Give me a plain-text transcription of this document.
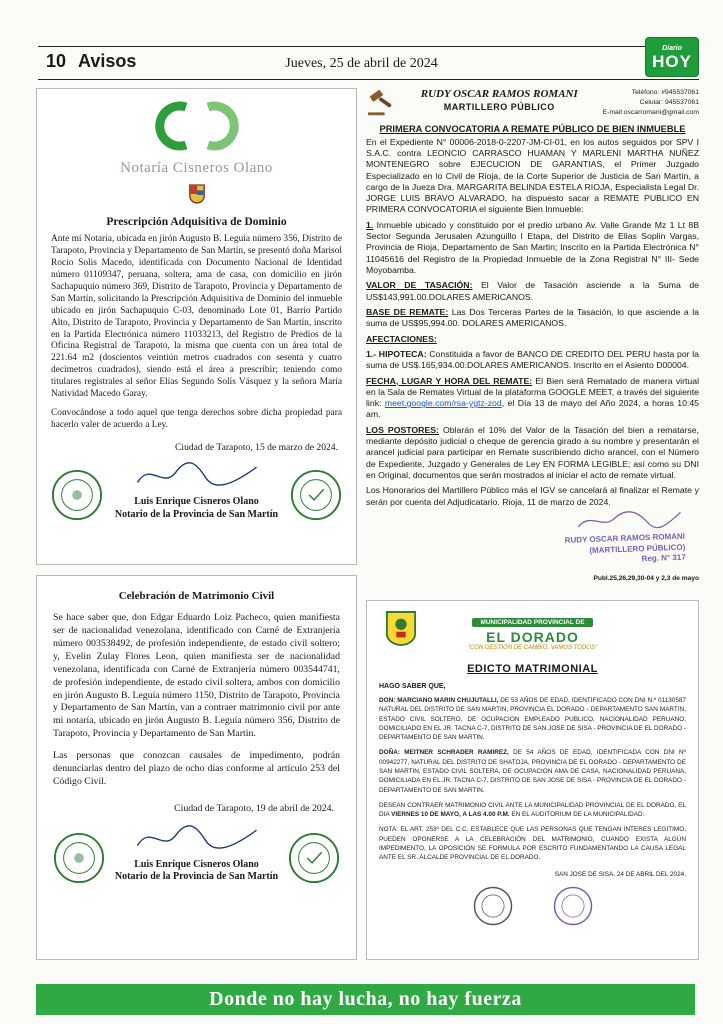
10 Avisos	Jueves, 25 de abril de 2024
Diario
HOY
Notaría Cisneros Olano
Prescripción Adquisitiva de Dominio

Ante mí Notaría, ubicada en jirón Augusto B. Leguía número 356, Distrito de Tarapoto, Provincia y Departamento de San Martín, se presentó doña Marisol Rocio Solis Macedo, identificada con Documento Nacional de Identidad número 01109347, peruana, soltera, ama de casa, con domicilio en jirón Sachapuquio número 369, Distrito de Tarapoto, Provincia y Departamento de San Martín, solicitando la Prescripción Adquisitiva de Dominio del inmueble ubicado en jirón Sachapuquio C-03, denominado Lote 01, Barrio Partido Alto, Distrito de Tarapoto, Provincia y Departamento de San Martín, inscrito en la Partida Electrónica número 11033213, del Registro de Predios de la Oficina Registral de Tarapoto, la misma que cuenta con un área total de 221.64 m2 (doscientos veintiún metros cuadrados con sesenta y cuatro decímetros cuadrados), siendo está el área a prescribir; teniendo como titulares registrales al señor Elías Segundo Solís Vásquez y la señora María Natividad Macedo Garay.

Convocándose a todo aquel que tenga derechos sobre dicha propiedad para hacerlo valer de acuerdo a Ley.

Ciudad de Tarapoto, 15 de marzo de 2024.
Luis Enrique Cisneros Olano
Notario de la Provincia de San Martín
RUDY OSCAR RAMOS ROMANI
MARTILLERO PÚBLICO
Teléfono: #945537061
Celular: 945537061
E-mail:oscarromani@gmail.com
PRIMERA CONVOCATORIA A REMATE PÚBLICO DE BIEN INMUEBLE

En el Expediente N° 00006-2018-0-2207-JM-CI-01, en los autos seguidos por SPV I S.A.C. contra LEONCIO CARRASCO HUAMAN Y MARLENI MARTHA NUÑEZ MONTENEGRO sobre EJECUCION DE GARANTIAS, el Primer Juzgado Especializado en lo Civil de Rioja, de la Corte Superior de Justicia de San Martín, a cargo de la Jueza Dra. MARGARITA BELINDA ESTELA RIOJA, Especialista Legal Dr. JORGE LUIS BRAVO ALVARADO, ha dispuesto sacar a REMATE PUBLICO EN PRIMERA CONVOCATORIA el siguiente Bien Inmueble:

1. Inmueble ubicado y constituido por el predio urbano Av. Valle Grande Mz 1 Lt 8B Sector Segunda Jerusalen Azunguillo I Etapa, del Distrito de Elias Soplin Vargas, Provincia de Rioja, Departamento de San Martin; Inscrito en la Partida Electrónica N° 11045616 del Registro de la Propiedad Inmueble de la Zona Registral N° III- Sede Moyobamba.

VALOR DE TASACIÓN: El Valor de Tasación asciende a la Suma de US$143,991.00.DOLARES AMERICANOS.

BASE DE REMATE: Las Dos Terceras Partes de la Tasación, lo que asciende a la suma de US$95,994.00. DOLARES AMERICANOS.

AFECTACIONES:

1.- HIPOTECA: Constituida a favor de BANCO DE CREDITO DEL PERU hasta por la suma de US$.165,934.00.DOLARES AMERICANOS. Inscrito en el Asiento D00004.

FECHA, LUGAR Y HORA DEL REMATE: El Bien será Rematado de manera virtual en la Sala de Remates Virtual de la plataforma GOOGLE MEET, a través del siguiente link: meet.google.com/rsa-ygtz-zod, el Día 13 de mayo del Año 2024, a horas 10:45 am.

LOS POSTORES: Oblarán el 10% del Valor de la Tasación del bien a rematarse, mediante depósito judicial o cheque de gerencia girado a su nombre y presentarán el arancel judicial para participar en Remate suscribiendo dicho arancel, con el Número de Expediente, Juzgado y Generales de Ley EN FORMA LEGIBLE; así como su DNI en Original, documentos que serán mostrados al iniciar el acto de remate virtual.

Los Honorarios del Martillero Público más el IGV se cancelará al finalizar el Remate y serán por cuenta del Adjudicatario. Rioja, 11 de marzo de 2024.

RUDY OSCAR RAMOS ROMANI
(MARTILLERO PÚBLICO)
Reg. N° 317
Publ.25,26,29,30-04 y 2,3 de mayo
Celebración de Matrimonio Civil

Se hace saber que, don Edgar Eduardo Loiz Pacheco, quien manifiesta ser de nacionalidad venezolana, identificado con Carné de Extranjería número 003538492, de profesión independiente, de estado civil soltero; y, Evelin Zulay Flores Leon, quien manifiesta ser de nacionalidad venezolana, identificada con Carné de Extranjería número 003544741, de profesión independiente, de estado civil soltera, ambos con domicilio en jirón Augusto B. Leguía número 1150, Distrito de Tarapoto, Provincia y Departamento de San Martín, van a contraer matrimonio civil por ante mi notaría, ubicado en jirón Augusto B. Leguía número 356, Distrito de Tarapoto, Provincia y Departamento de San Martín.

Las personas que conozcan causales de impedimento, podrán denunciarlas dentro del plazo de ocho días conforme al artículo 253 del Código Civil.

Ciudad de Tarapoto, 19 de abril de 2024.
Luis Enrique Cisneros Olano
Notario de la Provincia de San Martín
MUNICIPALIDAD PROVINCIAL DE
EL DORADO
"CON GESTIÓN DE CAMBIO, VAMOS TODOS"
EDICTO MATRIMONIAL
HAGO SABER QUE,

DON: MARCIANO MARIN CHUJUTALLI, DE 53 AÑOS DE EDAD, IDENTIFICADO CON DNI N.º 01130587 NATURAL DEL DISTRITO DE SAN MARTIN, PROVINCIA EL DORADO - DEPARTAMENTO SAN MARTIN, ESTADO CIVIL SOLTERO, DE OCUPACION EMPLEADO PUBLICO, NACIONALIDAD PERUANO, DOMICILIADO EN EL JR. TACNA C-7, DISTRITO DE SAN JOSE DE SISA - PROVINCIA DE EL DORADO - DEPARTAMENTO DE SAN MARTIN.

DOÑA: MEITNER SCHRADER RAMIREZ, DE 54 AÑOS DE EDAD, IDENTIFICADA CON DNI Nº 00942277, NATURAL DEL DISTRITO DE SHATOJA, PROVINCIA DE EL DORADO - DEPARTAMENTO DE SAN MARTIN, ESTADO CIVIL SOLTERA, DE OCUPACION AMA DE CASA, NACIONALIDAD PERUANA, DOMICILIADA EN EL JR. TACNA C-7, DISTRITO DE SAN JOSE DE SISA - PROVINCIA DE EL DORADO - DEPARTAMENTO DE SAN MARTIN.

DESEAN CONTRAER MATRIMONIO CIVIL ANTE LA MUNICIPALIDAD PROVINCIAL DE EL DORADO, EL DIA VIERNES 10 DE MAYO, A LAS 4.00 P.M. EN EL AUDITORIUM DE LA MUNICIPALIDAD.

NOTA: EL ART. 253º DEL C.C. ESTABLECE QUE LAS PERSONAS QUE TENGAN INTERES LEGITIMO, PUEDEN OPONERSE A LA CELEBRACIÓN DEL MATRIMONIO, CUANDO EXISTA ALGÚN IMPEDIMENTO, LA OPOSICION SE FORMULA POR ESCRITO FUNDAMENTANDO LA CAUSA LEGAL ANTE EL SR. ALCALDE PROVINCIAL DE EL DORADO.

SAN JOSE DE SISA, 24 DE ABRIL DEL 2024.
Donde no hay lucha, no hay fuerza
